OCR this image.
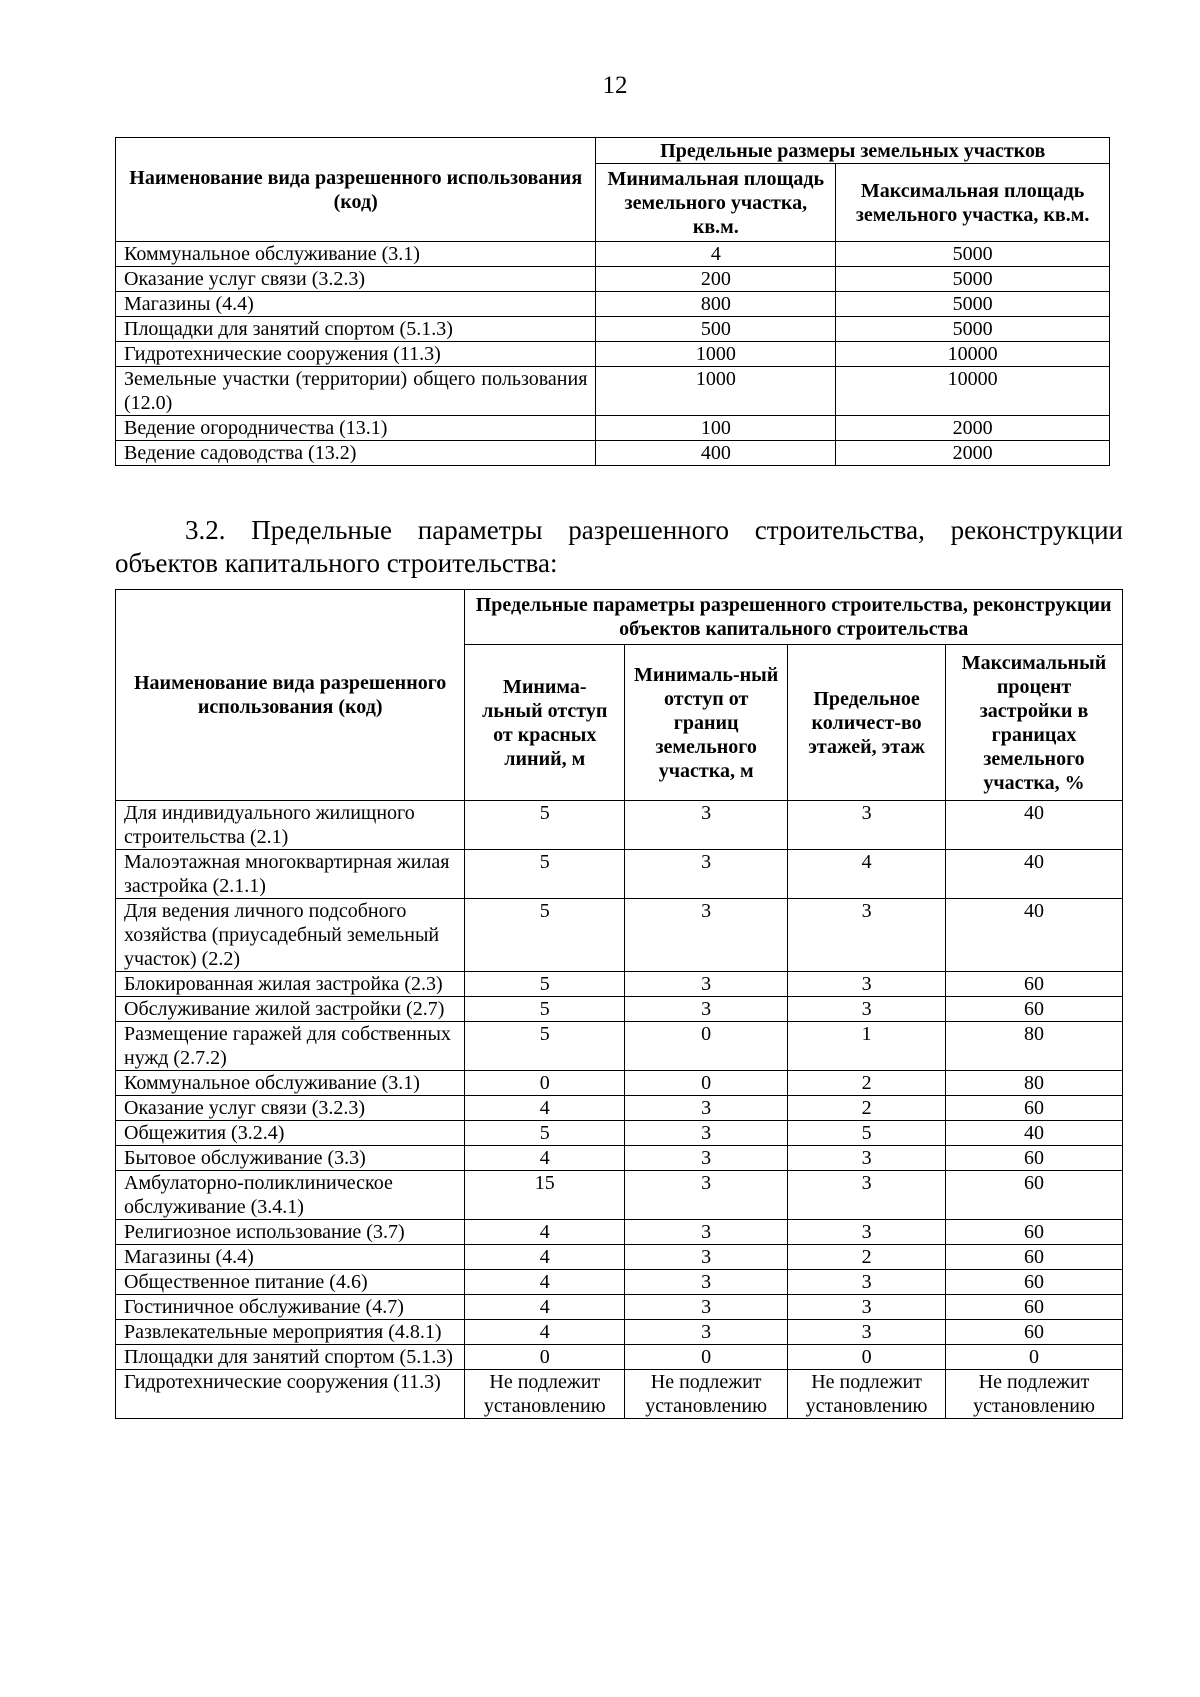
12
Наименование вида разрешенного использования (код)	Предельные размеры земельных участков	
	Минимальная площадь земельного участка, кв.м.	Максимальная площадь земельного участка, кв.м.
Коммунальное обслуживание (3.1)	4	5000
Оказание услуг связи (3.2.3)	200	5000
Магазины (4.4)	800	5000
Площадки для занятий спортом (5.1.3)	500	5000
Гидротехнические сооружения (11.3)	1000	10000
Земельные участки (территории) общего пользования (12.0)	1000	10000
Ведение огородничества (13.1)	100	2000
Ведение садоводства (13.2)	400	2000
3.2. Предельные параметры разрешенного строительства, реконструкции объектов капитального строительства:
Наименование вида разрешенного использования (код)	Предельные параметры разрешенного строительства, реконструкции объектов капитального строительства			
	Минима-льный отступ от красных линий, м	Минималь-ный отступ от границ земельного участка, м	Предельное количест-во этажей, этаж	Максимальный процент застройки в границах земельного участка, %
Для индивидуального жилищного строительства (2.1)	5	3	3	40
Малоэтажная многоквартирная жилая застройка (2.1.1)	5	3	4	40
Для ведения личного подсобного хозяйства (приусадебный земельный участок) (2.2)	5	3	3	40
Блокированная жилая застройка (2.3)	5	3	3	60
Обслуживание жилой застройки (2.7)	5	3	3	60
Размещение гаражей для собственных нужд (2.7.2)	5	0	1	80
Коммунальное обслуживание (3.1)	0	0	2	80
Оказание услуг связи (3.2.3)	4	3	2	60
Общежития (3.2.4)	5	3	5	40
Бытовое обслуживание (3.3)	4	3	3	60
Амбулаторно-поликлиническое обслуживание (3.4.1)	15	3	3	60
Религиозное использование (3.7)	4	3	3	60
Магазины (4.4)	4	3	2	60
Общественное питание (4.6)	4	3	3	60
Гостиничное обслуживание (4.7)	4	3	3	60
Развлекательные мероприятия (4.8.1)	4	3	3	60
Площадки для занятий спортом (5.1.3)	0	0	0	0
Гидротехнические сооружения (11.3)	Не подлежит установлению	Не подлежит установлению	Не подлежит установлению	Не подлежит установлению
